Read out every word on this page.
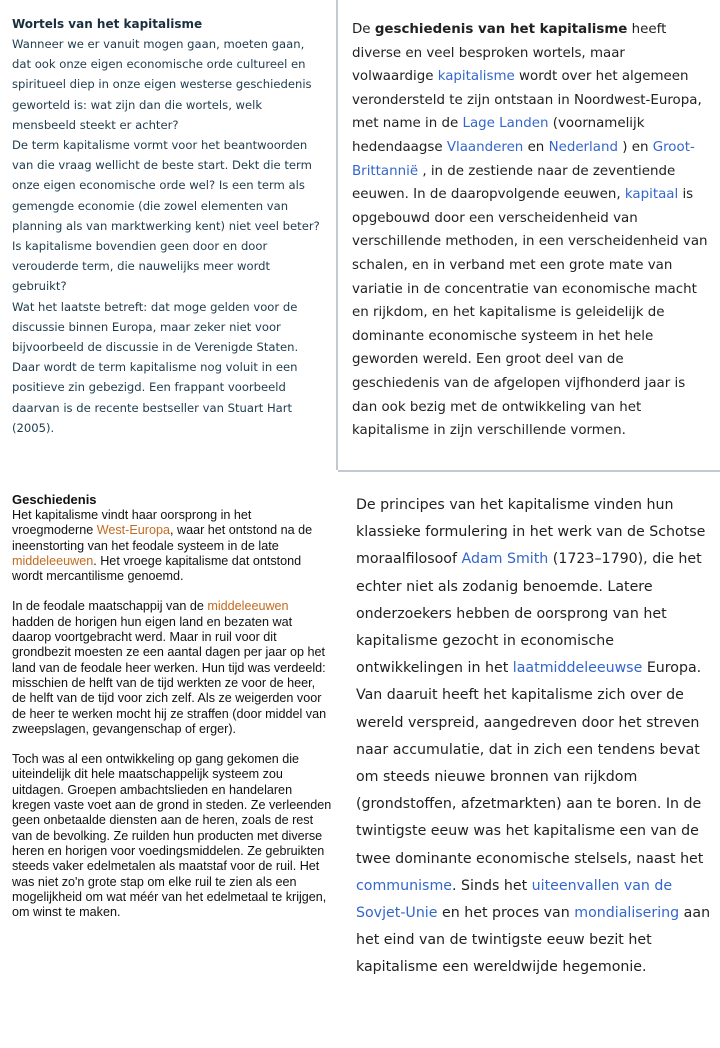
Wortels van het kapitalisme

Wanneer we er vanuit mogen gaan, moeten gaan, dat ook onze eigen economische orde cultureel en spiritueel diep in onze eigen westerse geschiedenis geworteld is: wat zijn dan die wortels, welk mensbeeld steekt er achter?

De term kapitalisme vormt voor het beantwoorden van die vraag wellicht de beste start. Dekt die term onze eigen economische orde wel? Is een term als gemengde economie (die zowel elementen van planning als van marktwerking kent) niet veel beter? Is kapitalisme bovendien geen door en door verouderde term, die nauwelijks meer wordt gebruikt?

Wat het laatste betreft: dat moge gelden voor de discussie binnen Europa, maar zeker niet voor bijvoorbeeld de discussie in de Verenigde Staten. Daar wordt de term kapitalisme nog voluit in een positieve zin gebezigd. Een frappant voorbeeld daarvan is de recente bestseller van Stuart Hart (2005).

De geschiedenis van het kapitalisme heeft diverse en veel besproken wortels, maar volwaardige kapitalisme wordt over het algemeen verondersteld te zijn ontstaan in Noordwest-Europa, met name in de Lage Landen (voornamelijk hedendaagse Vlaanderen en Nederland ) en Groot-Brittannië , in de zestiende naar de zeventiende eeuwen. In de daaropvolgende eeuwen, kapitaal is opgebouwd door een verscheidenheid van verschillende methoden, in een verscheidenheid van schalen, en in verband met een grote mate van variatie in de concentratie van economische macht en rijkdom, en het kapitalisme is geleidelijk de dominante economische systeem in het hele geworden wereld. Een groot deel van de geschiedenis van de afgelopen vijfhonderd jaar is dan ook bezig met de ontwikkeling van het kapitalisme in zijn verschillende vormen.

Geschiedenis

Het kapitalisme vindt haar oorsprong in het vroegmoderne West-Europa, waar het ontstond na de ineenstorting van het feodale systeem in de late middeleeuwen. Het vroege kapitalisme dat ontstond wordt mercantilisme genoemd.

In de feodale maatschappij van de middeleeuwen hadden de horigen hun eigen land en bezaten wat daarop voortgebracht werd. Maar in ruil voor dit grondbezit moesten ze een aantal dagen per jaar op het land van de feodale heer werken. Hun tijd was verdeeld: misschien de helft van de tijd werkten ze voor de heer, de helft van de tijd voor zich zelf. Als ze weigerden voor de heer te werken mocht hij ze straffen (door middel van zweepslagen, gevangenschap of erger).

Toch was al een ontwikkeling op gang gekomen die uiteindelijk dit hele maatschappelijk systeem zou uitdagen. Groepen ambachtslieden en handelaren kregen vaste voet aan de grond in steden. Ze verleenden geen onbetaalde diensten aan de heren, zoals de rest van de bevolking. Ze ruilden hun producten met diverse heren en horigen voor voedingsmiddelen. Ze gebruikten steeds vaker edelmetalen als maatstaf voor de ruil. Het was niet zo'n grote stap om elke ruil te zien als een mogelijkheid om wat méér van het edelmetaal te krijgen, om winst te maken.

De principes van het kapitalisme vinden hun klassieke formulering in het werk van de Schotse moraalfilosoof Adam Smith (1723–1790), die het echter niet als zodanig benoemde. Latere onderzoekers hebben de oorsprong van het kapitalisme gezocht in economische ontwikkelingen in het laatmiddeleeuwse Europa. Van daaruit heeft het kapitalisme zich over de wereld verspreid, aangedreven door het streven naar accumulatie, dat in zich een tendens bevat om steeds nieuwe bronnen van rijkdom (grondstoffen, afzetmarkten) aan te boren. In de twintigste eeuw was het kapitalisme een van de twee dominante economische stelsels, naast het communisme. Sinds het uiteenvallen van de Sovjet-Unie en het proces van mondialisering aan het eind van de twintigste eeuw bezit het kapitalisme een wereldwijde hegemonie.
